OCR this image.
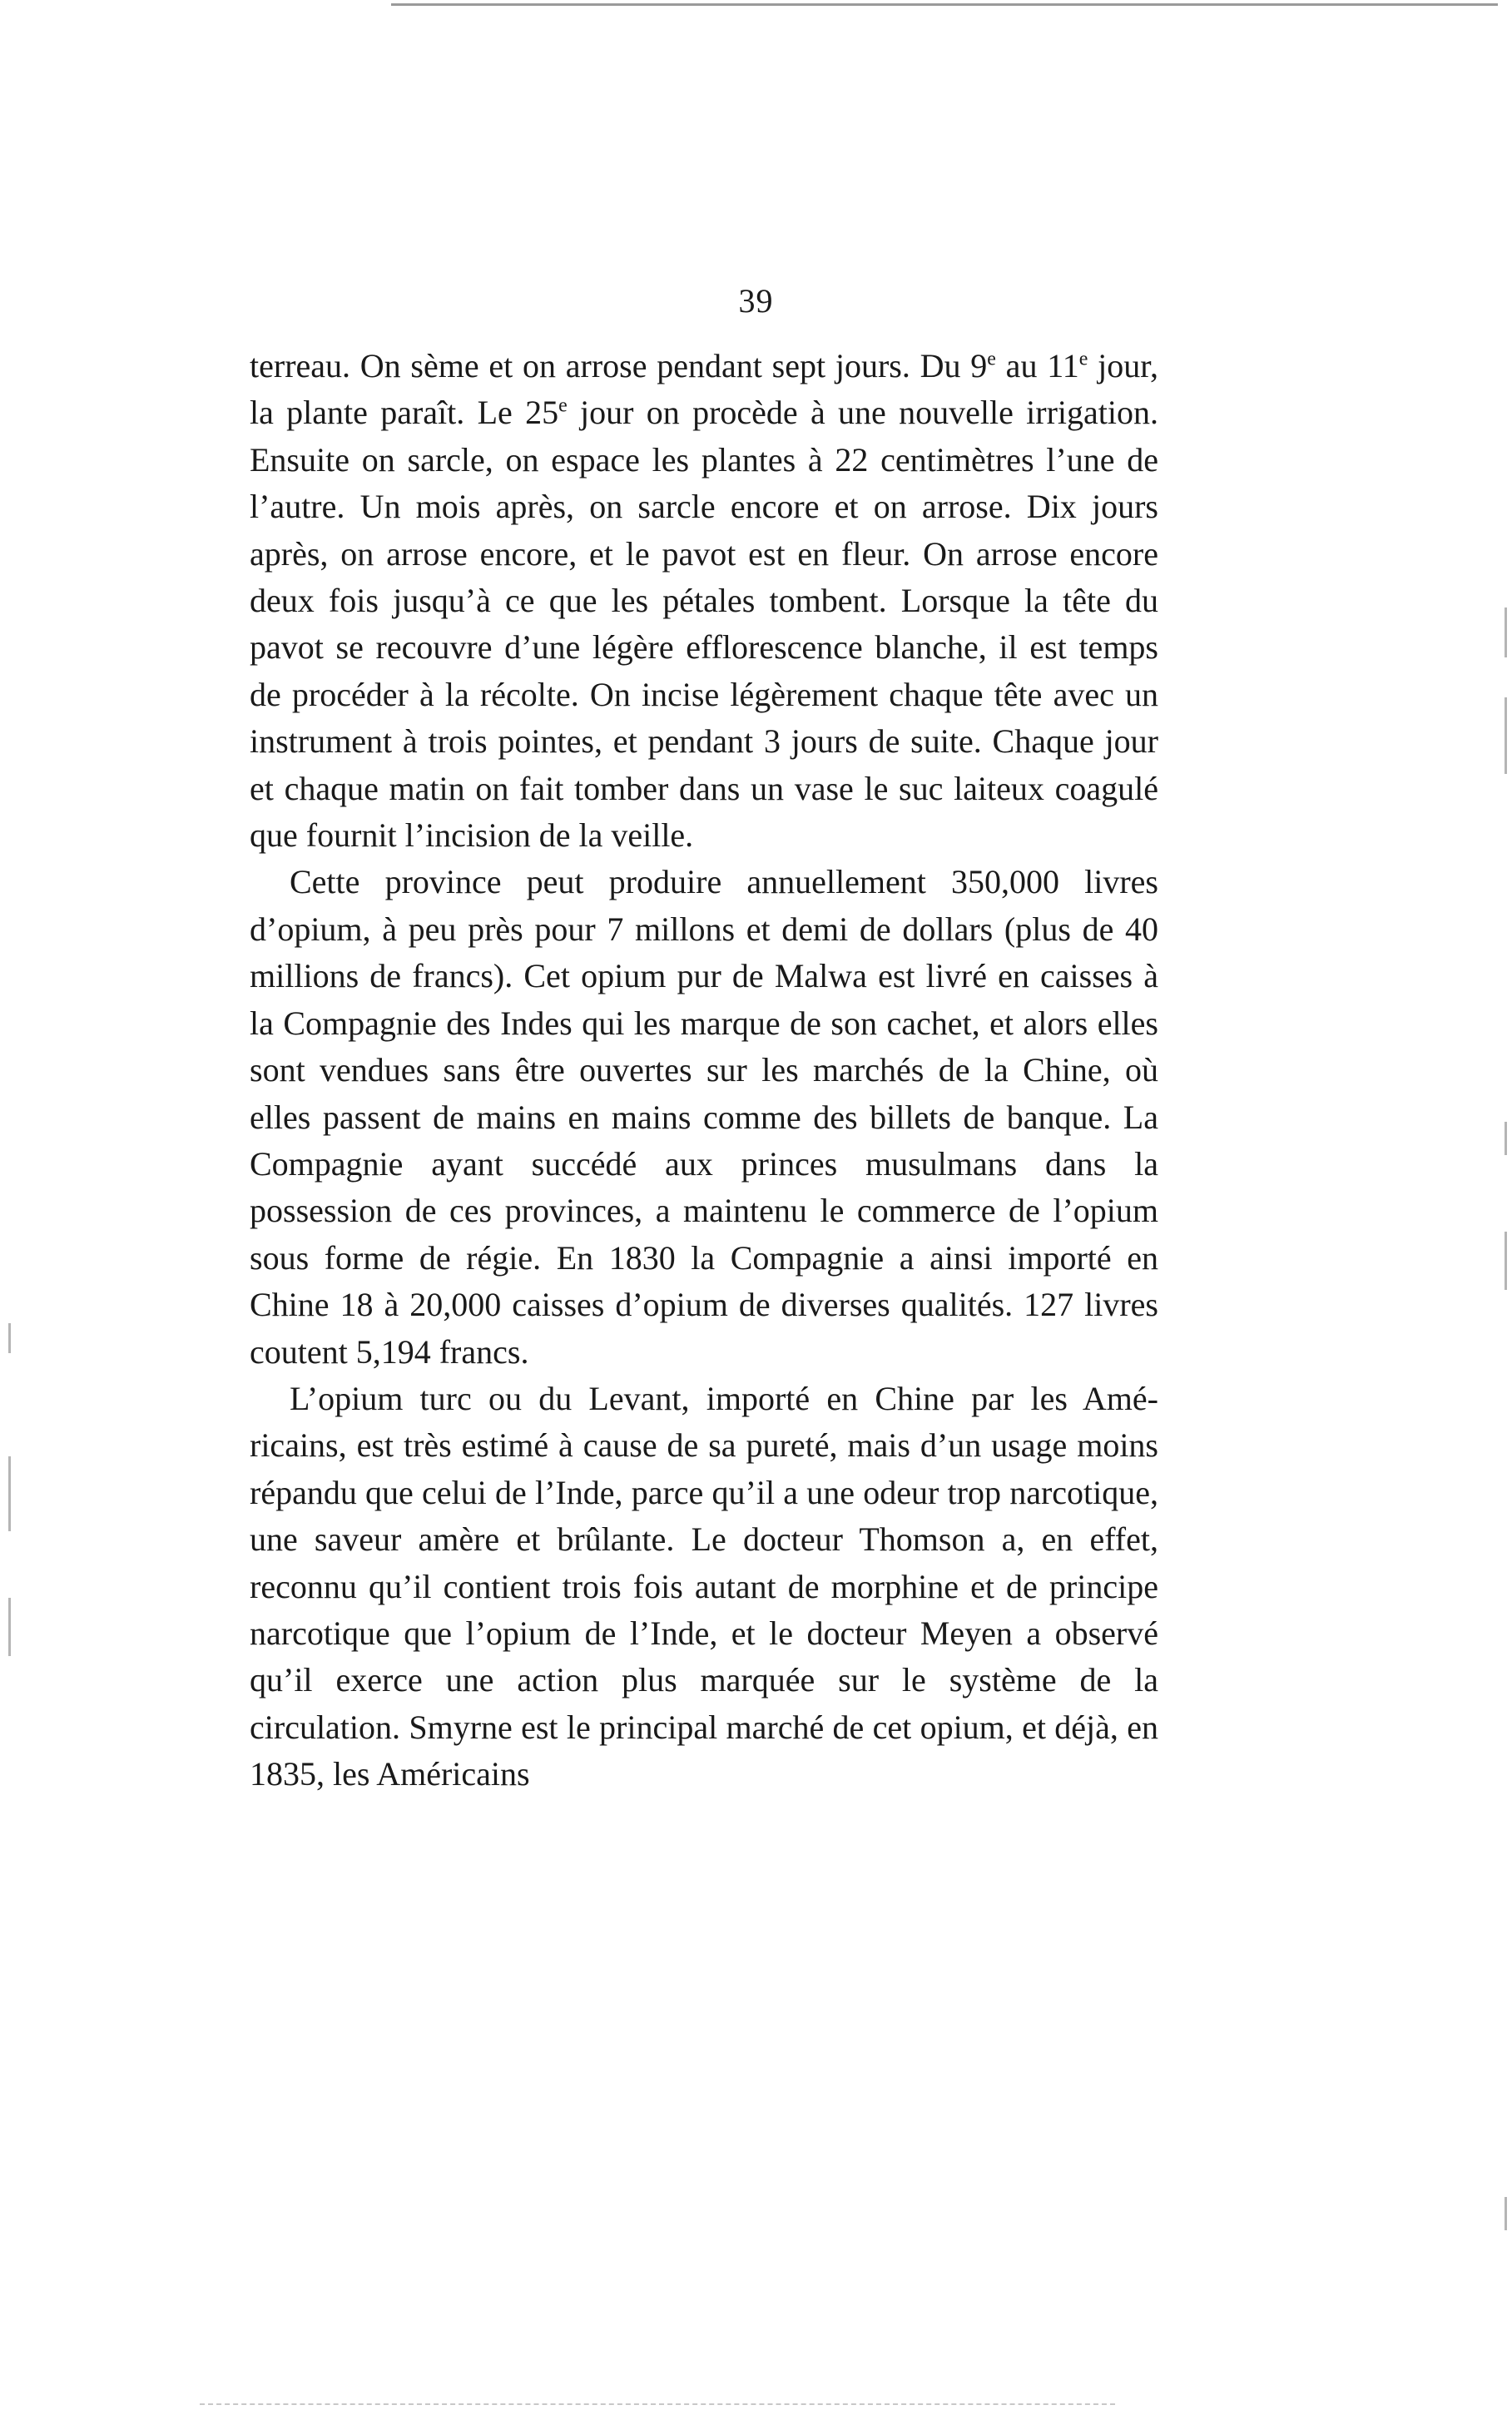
39

terreau. On sème et on arrose pendant sept jours. Du 9e au 11e jour, la plante paraît. Le 25e jour on procède à une nouvelle irrigation. Ensuite on sarcle, on espace les plantes à 22 centimètres l’une de l’autre. Un mois après, on sarcle encore et on arrose. Dix jours après, on arrose encore, et le pavot est en fleur. On arrose encore deux fois jusqu’à ce que les pétales tombent. Lorsque la tête du pavot se recouvre d’une légère efflorescence blanche, il est temps de procéder à la récolte. On incise légèrement chaque tête avec un instrument à trois pointes, et pendant 3 jours de suite. Chaque jour et chaque matin on fait tomber dans un vase le suc laiteux coagulé que fournit l’incision de la veille.

Cette province peut produire annuellement 350,000 livres d’opium, à peu près pour 7 millons et demi de dollars (plus de 40 millions de francs). Cet opium pur de Malwa est livré en caisses à la Compagnie des Indes qui les marque de son cachet, et alors elles sont vendues sans être ouvertes sur les marchés de la Chine, où elles passent de mains en mains comme des billets de banque. La Compagnie ayant succédé aux princes musulmans dans la possession de ces provinces, a maintenu le commerce de l’opium sous forme de régie. En 1830 la Compagnie a ainsi importé en Chine 18 à 20,000 caisses d’opium de diverses qualités. 127 livres coutent 5,194 francs.

L’opium turc ou du Levant, importé en Chine par les Américains, est très estimé à cause de sa pureté, mais d’un usage moins répandu que celui de l’Inde, parce qu’il a une odeur trop narcotique, une saveur amère et brûlante. Le docteur Thomson a, en effet, reconnu qu’il contient trois fois autant de morphine et de principe narcotique que l’opium de l’Inde, et le docteur Meyen a observé qu’il exerce une action plus marquée sur le système de la circulation. Smyrne est le principal marché de cet opium, et déjà, en 1835, les Américains
